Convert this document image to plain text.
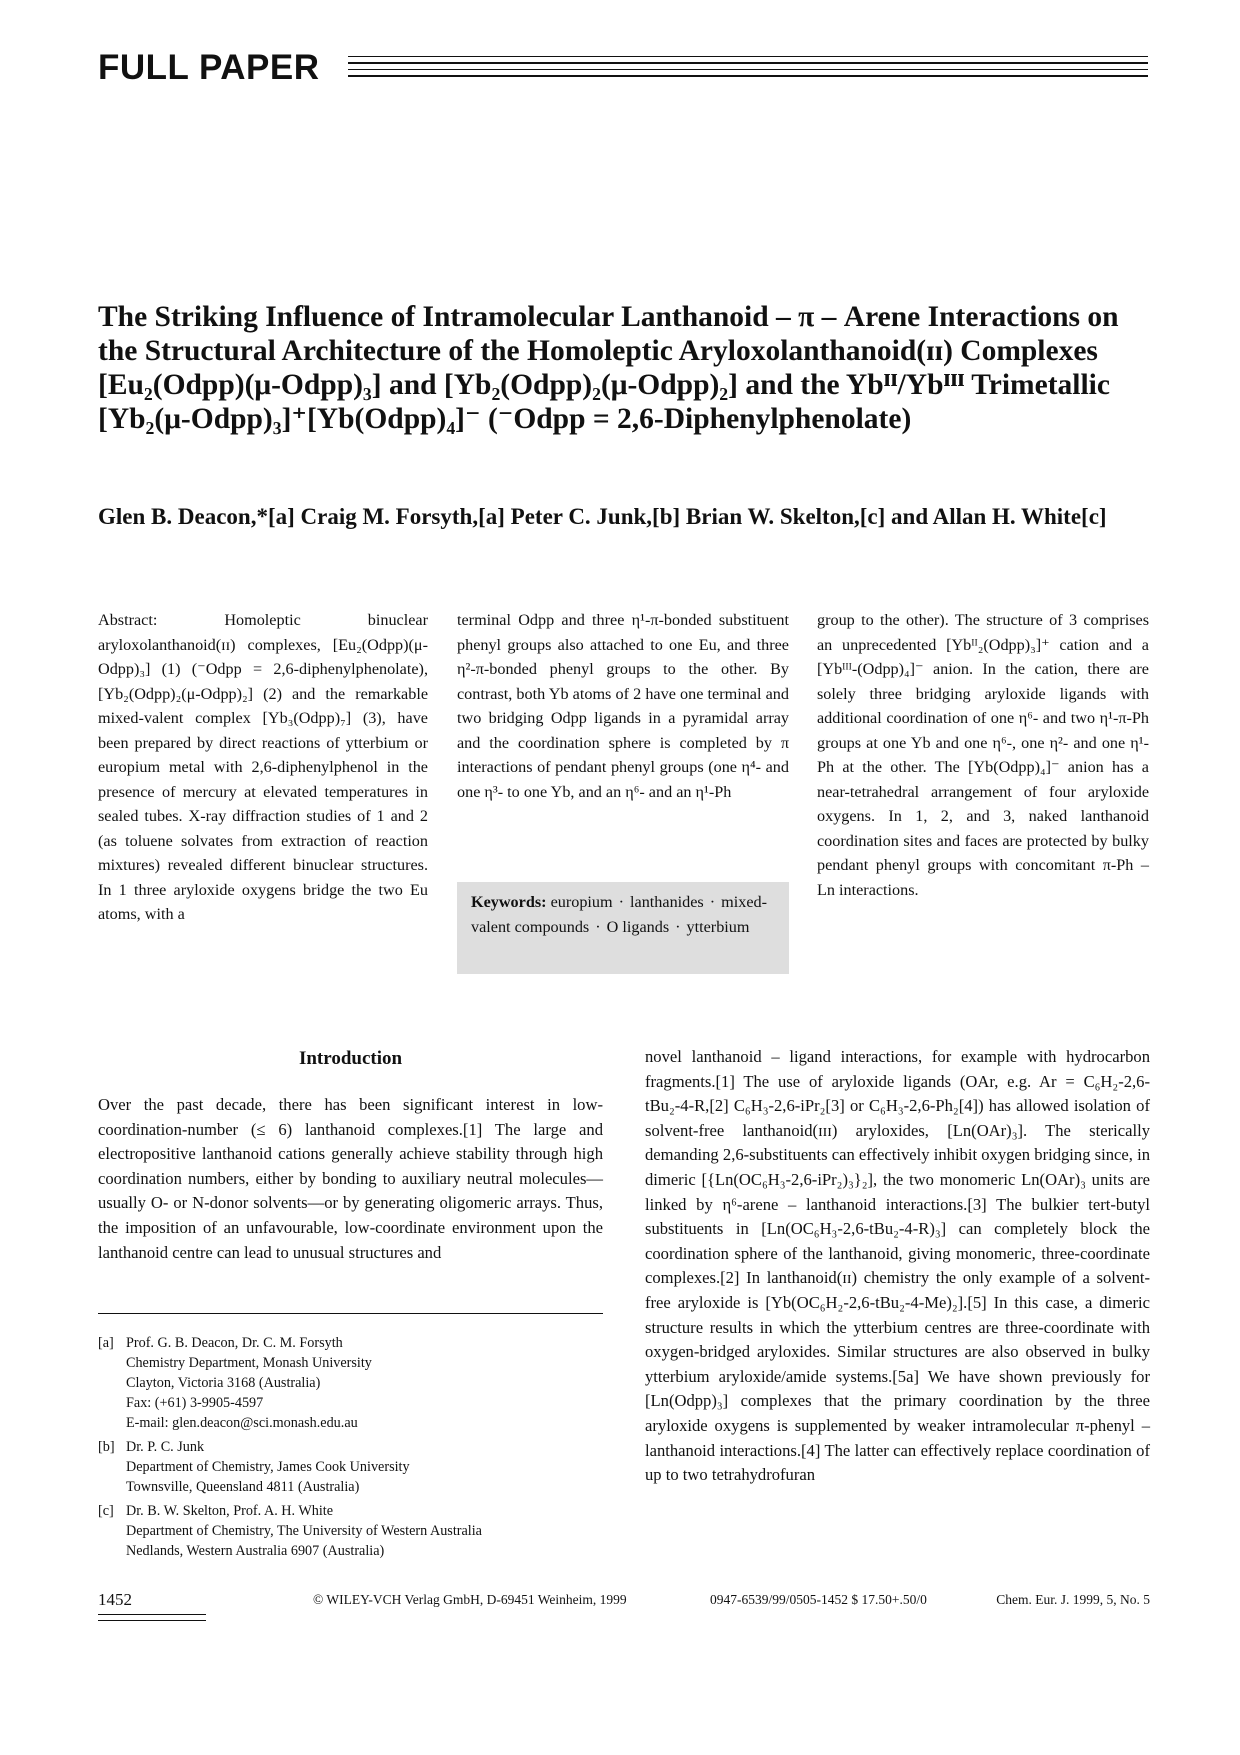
FULL PAPER
The Striking Influence of Intramolecular Lanthanoid – π – Arene Interactions on the Structural Architecture of the Homoleptic Aryloxolanthanoid(ɪɪ) Complexes [Eu₂(Odpp)(μ-Odpp)₃] and [Yb₂(Odpp)₂(μ-Odpp)₂] and the Ybᴵᴵ/Ybᴵᴵᴵ Trimetallic [Yb₂(μ-Odpp)₃]⁺[Yb(Odpp)₄]⁻ (⁻Odpp = 2,6-Diphenylphenolate)
Glen B. Deacon,*[a] Craig M. Forsyth,[a] Peter C. Junk,[b] Brian W. Skelton,[c] and Allan H. White[c]

Abstract: Homoleptic binuclear aryloxolanthanoid(ɪɪ) complexes, [Eu₂(Odpp)(μ-Odpp)₃] (1) (⁻Odpp = 2,6-diphenylphenolate), [Yb₂(Odpp)₂(μ-Odpp)₂] (2) and the remarkable mixed-valent complex [Yb₃(Odpp)₇] (3), have been prepared by direct reactions of ytterbium or europium metal with 2,6-diphenylphenol in the presence of mercury at elevated temperatures in sealed tubes. X-ray diffraction studies of 1 and 2 (as toluene solvates from extraction of reaction mixtures) revealed different binuclear structures. In 1 three aryloxide oxygens bridge the two Eu atoms, with a

terminal Odpp and three η¹-π-bonded substituent phenyl groups also attached to one Eu, and three η²-π-bonded phenyl groups to the other. By contrast, both Yb atoms of 2 have one terminal and two bridging Odpp ligands in a pyramidal array and the coordination sphere is completed by π interactions of pendant phenyl groups (one η⁴- and one η³- to one Yb, and an η⁶- and an η¹-Ph

group to the other). The structure of 3 comprises an unprecedented [Ybᴵᴵ₂(Odpp)₃]⁺ cation and a [Ybᴵᴵᴵ-(Odpp)₄]⁻ anion. In the cation, there are solely three bridging aryloxide ligands with additional coordination of one η⁶- and two η¹-π-Ph groups at one Yb and one η⁶-, one η²- and one η¹-Ph at the other. The [Yb(Odpp)₄]⁻ anion has a near-tetrahedral arrangement of four aryloxide oxygens. In 1, 2, and 3, naked lanthanoid coordination sites and faces are protected by bulky pendant phenyl groups with concomitant π-Ph – Ln interactions.

Keywords: europium · lanthanides · mixed-valent compounds · O ligands · ytterbium
Introduction

Over the past decade, there has been significant interest in low-coordination-number (≤ 6) lanthanoid complexes.[1] The large and electropositive lanthanoid cations generally achieve stability through high coordination numbers, either by bonding to auxiliary neutral molecules—usually O- or N-donor solvents—or by generating oligomeric arrays. Thus, the imposition of an unfavourable, low-coordinate environment upon the lanthanoid centre can lead to unusual structures and

novel lanthanoid – ligand interactions, for example with hydrocarbon fragments.[1] The use of aryloxide ligands (OAr, e.g. Ar = C₆H₂-2,6-tBu₂-4-R,[2] C₆H₃-2,6-iPr₂[3] or C₆H₃-2,6-Ph₂[4]) has allowed isolation of solvent-free lanthanoid(ɪɪɪ) aryloxides, [Ln(OAr)₃]. The sterically demanding 2,6-substituents can effectively inhibit oxygen bridging since, in dimeric [{Ln(OC₆H₃-2,6-iPr₂)₃}₂], the two monomeric Ln(OAr)₃ units are linked by η⁶-arene – lanthanoid interactions.[3] The bulkier tert-butyl substituents in [Ln(OC₆H₃-2,6-tBu₂-4-R)₃] can completely block the coordination sphere of the lanthanoid, giving monomeric, three-coordinate complexes.[2] In lanthanoid(ɪɪ) chemistry the only example of a solvent-free aryloxide is [Yb(OC₆H₂-2,6-tBu₂-4-Me)₂].[5] In this case, a dimeric structure results in which the ytterbium centres are three-coordinate with oxygen-bridged aryloxides. Similar structures are also observed in bulky ytterbium aryloxide/amide systems.[5a] We have shown previously for [Ln(Odpp)₃] complexes that the primary coordination by the three aryloxide oxygens is supplemented by weaker intramolecular π-phenyl – lanthanoid interactions.[4] The latter can effectively replace coordination of up to two tetrahydrofuran

[a] Prof. G. B. Deacon, Dr. C. M. Forsyth
Chemistry Department, Monash University
Clayton, Victoria 3168 (Australia)
Fax: (+61) 3-9905-4597
E-mail: glen.deacon@sci.monash.edu.au
[b] Dr. P. C. Junk
Department of Chemistry, James Cook University
Townsville, Queensland 4811 (Australia)
[c] Dr. B. W. Skelton, Prof. A. H. White
Department of Chemistry, The University of Western Australia
Nedlands, Western Australia 6907 (Australia)
1452	© WILEY-VCH Verlag GmbH, D-69451 Weinheim, 1999	0947-6539/99/0505-1452 $ 17.50+.50/0	Chem. Eur. J. 1999, 5, No. 5
